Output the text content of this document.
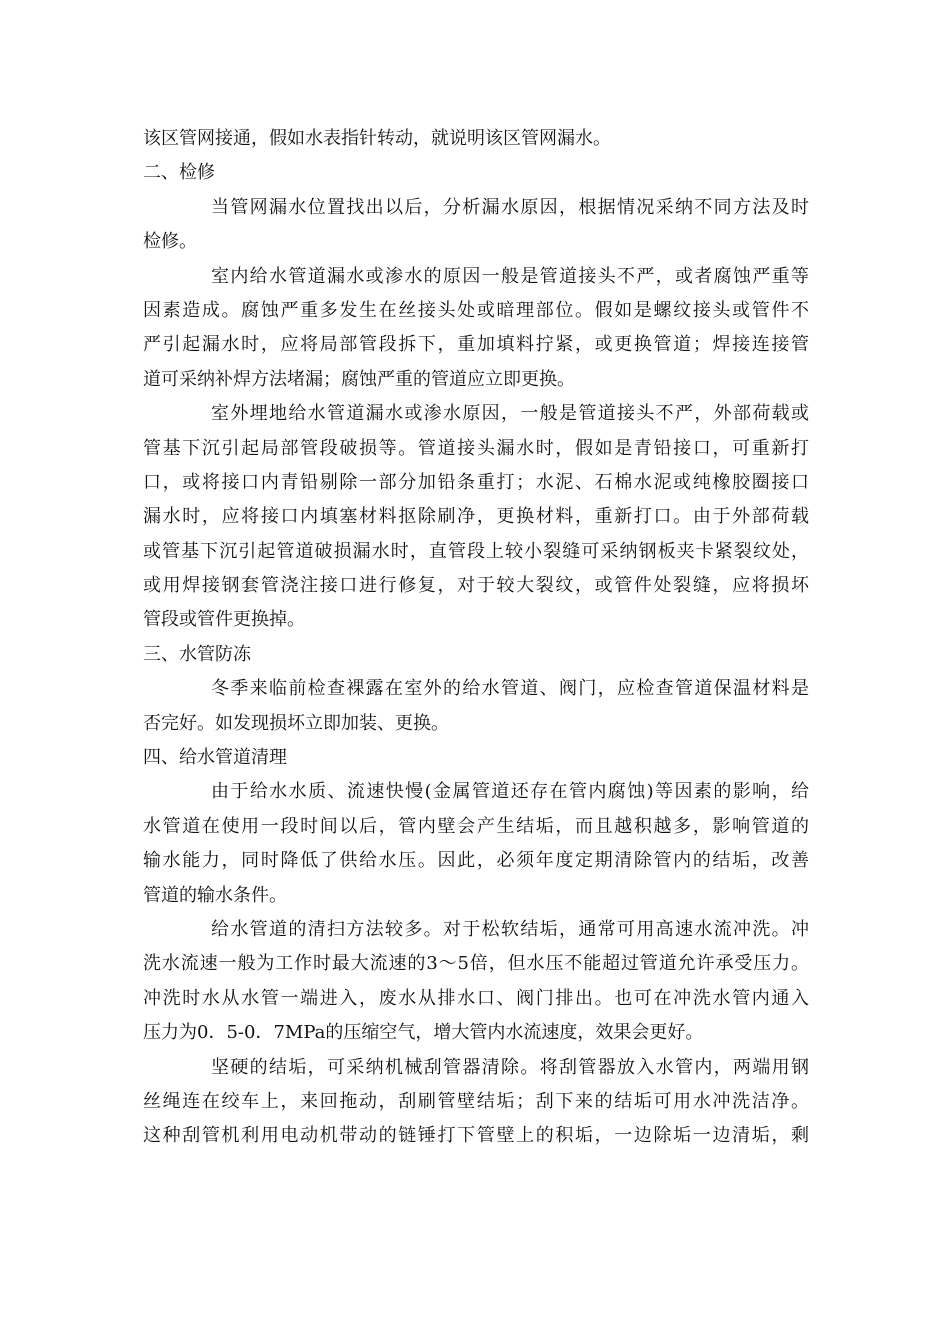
该区管网接通，假如水表指针转动，就说明该区管网漏水。
二、检修
当管网漏水位置找出以后，分析漏水原因，根据情况采纳不同方法及时
检修。
室内给水管道漏水或渗水的原因一般是管道接头不严，或者腐蚀严重等
因素造成。腐蚀严重多发生在丝接头处或暗理部位。假如是螺纹接头或管件不
严引起漏水时，应将局部管段拆下，重加填料拧紧，或更换管道；焊接连接管
道可采纳补焊方法堵漏；腐蚀严重的管道应立即更换。
室外埋地给水管道漏水或渗水原因，一般是管道接头不严，外部荷载或
管基下沉引起局部管段破损等。管道接头漏水时，假如是青铅接口，可重新打
口，或将接口内青铅剔除一部分加铅条重打；水泥、石棉水泥或纯橡胶圈接口
漏水时，应将接口内填塞材料抠除刷净，更换材料，重新打口。由于外部荷载
或管基下沉引起管道破损漏水时，直管段上较小裂缝可采纳钢板夹卡紧裂纹处，
或用焊接钢套管浇注接口进行修复，对于较大裂纹，或管件处裂缝，应将损坏
管段或管件更换掉。
三、水管防冻
冬季来临前检查裸露在室外的给水管道、阀门，应检查管道保温材料是
否完好。如发现损坏立即加装、更换。
四、给水管道清理
由于给水水质、流速快慢(金属管道还存在管内腐蚀)等因素的影响，给
水管道在使用一段时间以后，管内壁会产生结垢，而且越积越多，影响管道的
输水能力，同时降低了供给水压。因此，必须年度定期清除管内的结垢，改善
管道的输水条件。
给水管道的清扫方法较多。对于松软结垢，通常可用高速水流冲洗。冲
洗水流速一般为工作时最大流速的3～5倍，但水压不能超过管道允许承受压力。
冲洗时水从水管一端进入，废水从排水口、阀门排出。也可在冲洗水管内通入
压力为0．5-0．7MPa的压缩空气，增大管内水流速度，效果会更好。
坚硬的结垢，可采纳机械刮管器清除。将刮管器放入水管内，两端用钢
丝绳连在绞车上，来回拖动，刮刷管壁结垢；刮下来的结垢可用水冲洗洁净。
这种刮管机利用电动机带动的链锤打下管壁上的积垢，一边除垢一边清垢，剩
